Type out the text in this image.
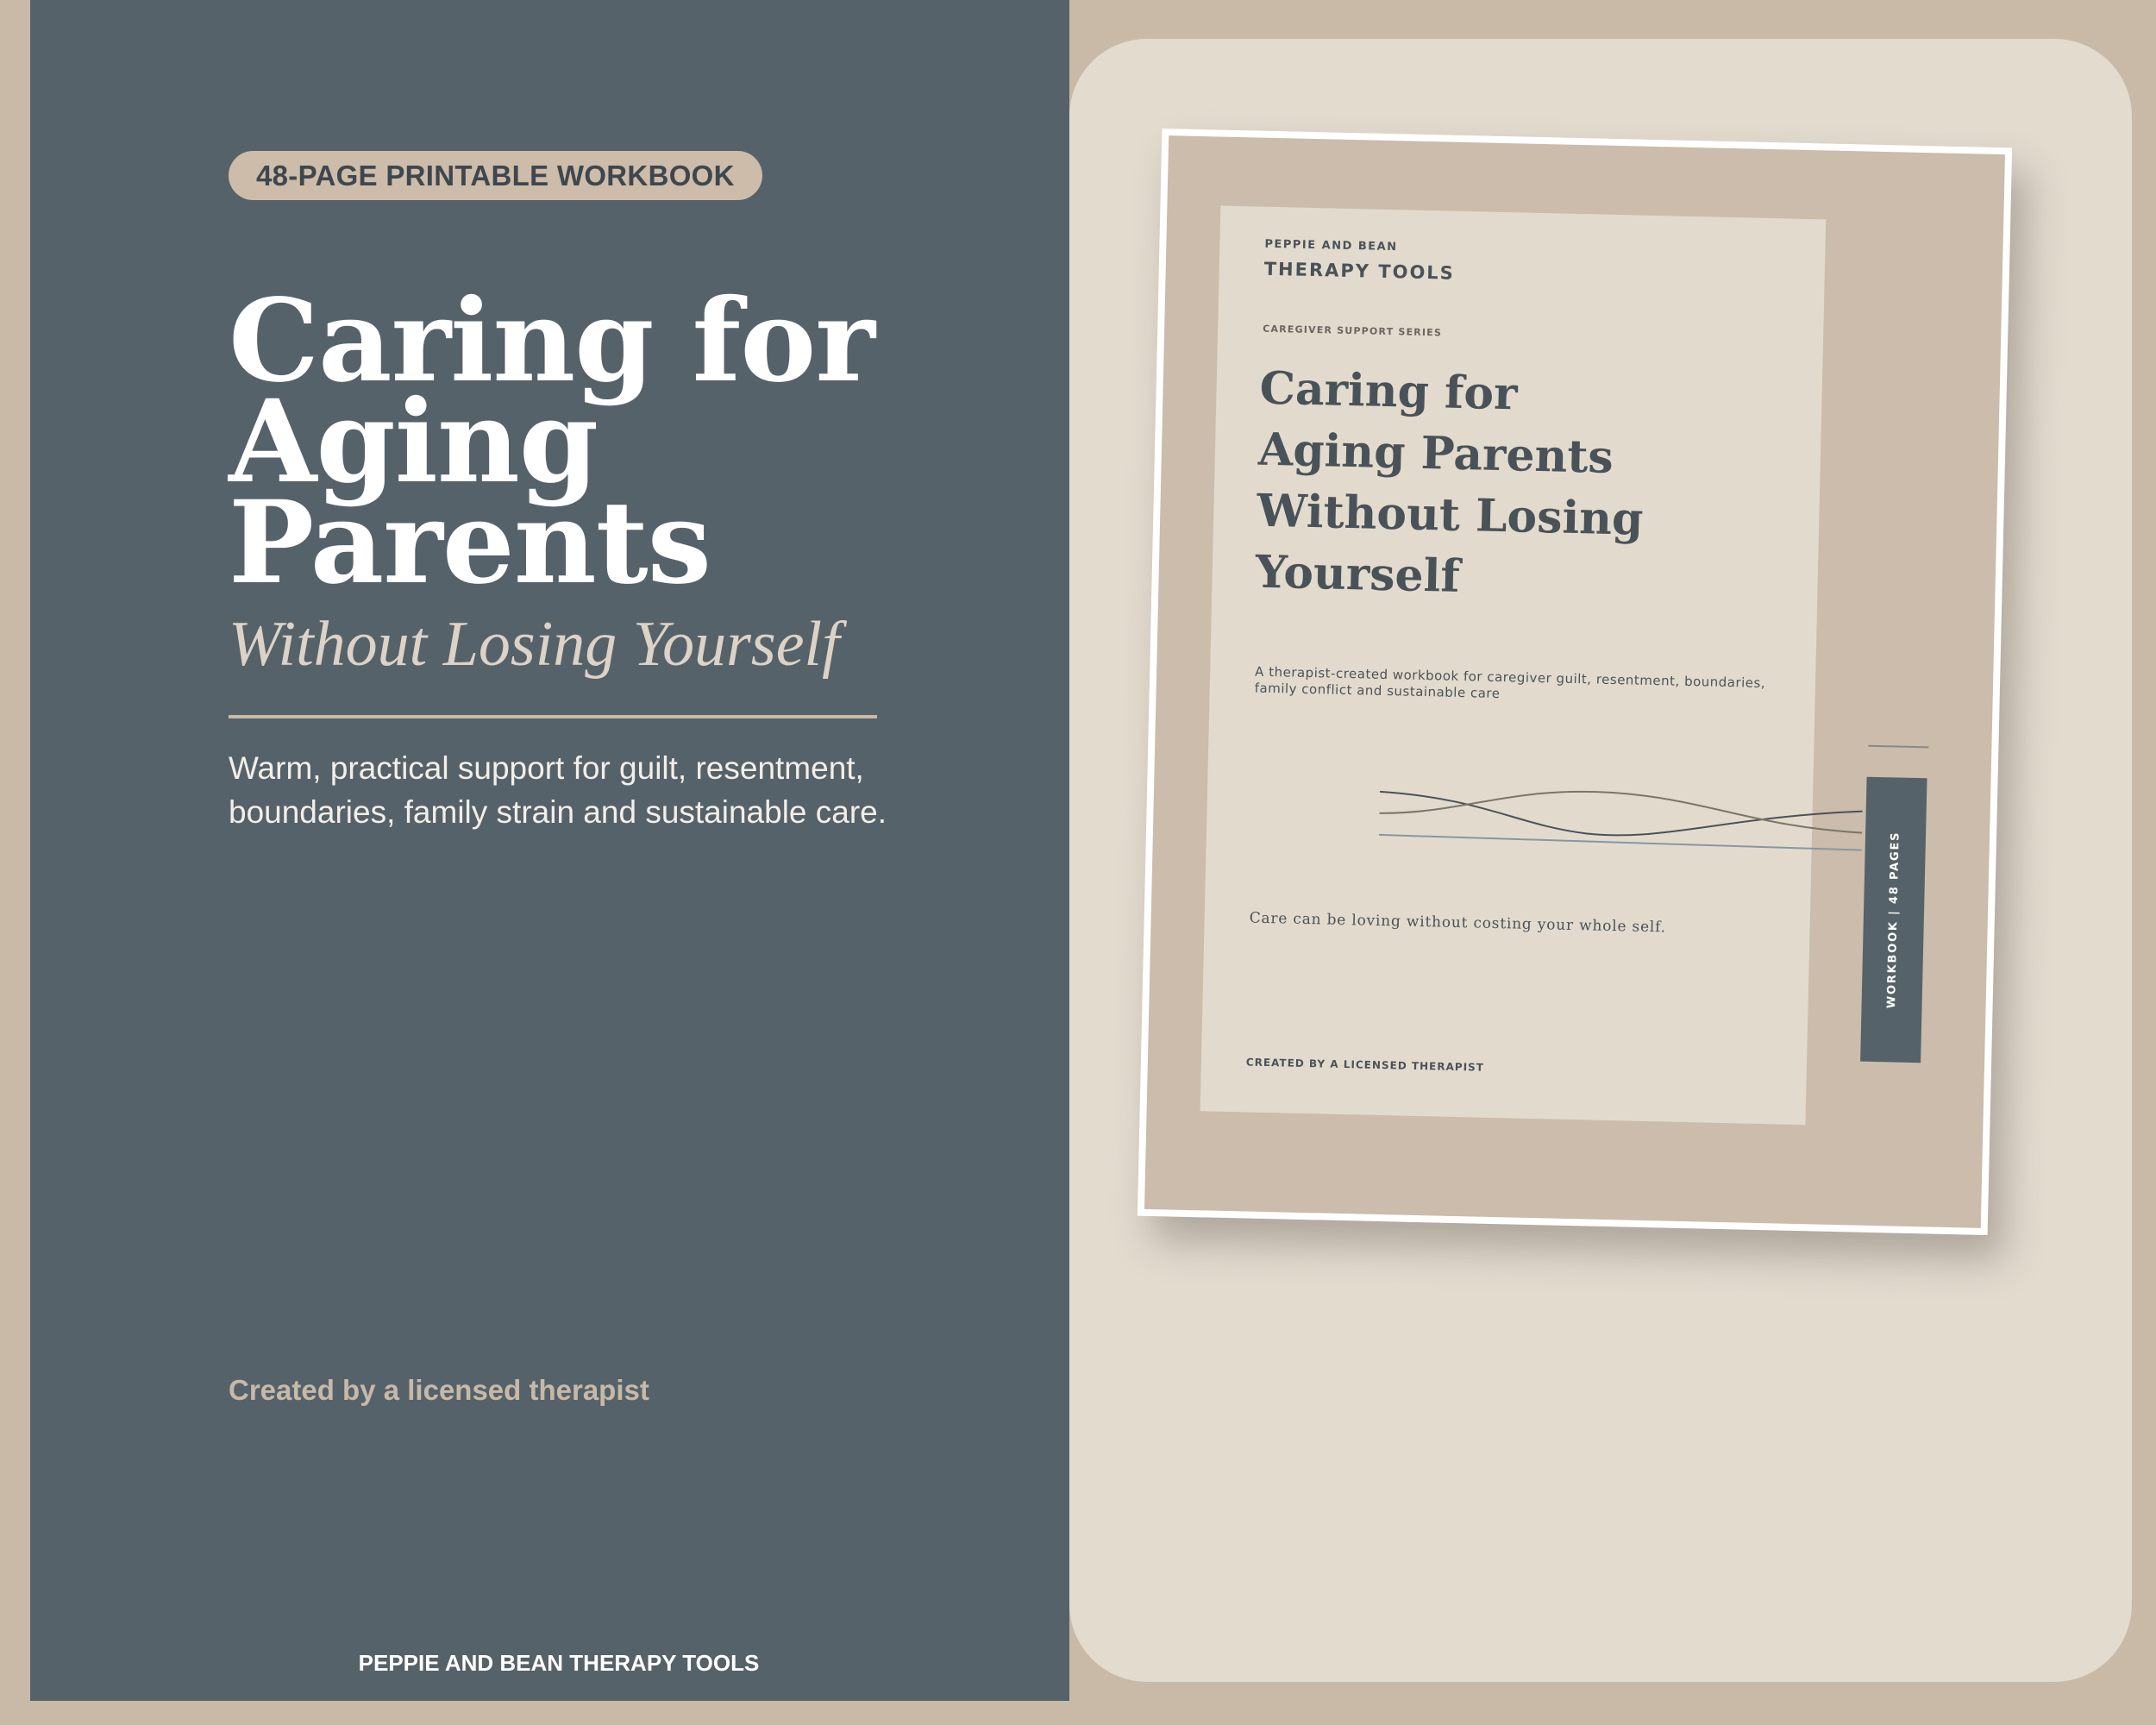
48-PAGE PRINTABLE WORKBOOK
Caring for
Aging
Parents
Without Losing Yourself
Warm, practical support for guilt, resentment, boundaries, family strain and sustainable care.
Created by a licensed therapist
PEPPIE AND BEAN THERAPY TOOLS
PEPPIE AND BEAN
THERAPY TOOLS
CAREGIVER SUPPORT SERIES
Caring for
Aging Parents
Without Losing
Yourself
A therapist-created workbook for caregiver guilt, resentment, boundaries, family conflict and sustainable care
Care can be loving without costing your whole self.
CREATED BY A LICENSED THERAPIST
WORKBOOK | 48 PAGES
